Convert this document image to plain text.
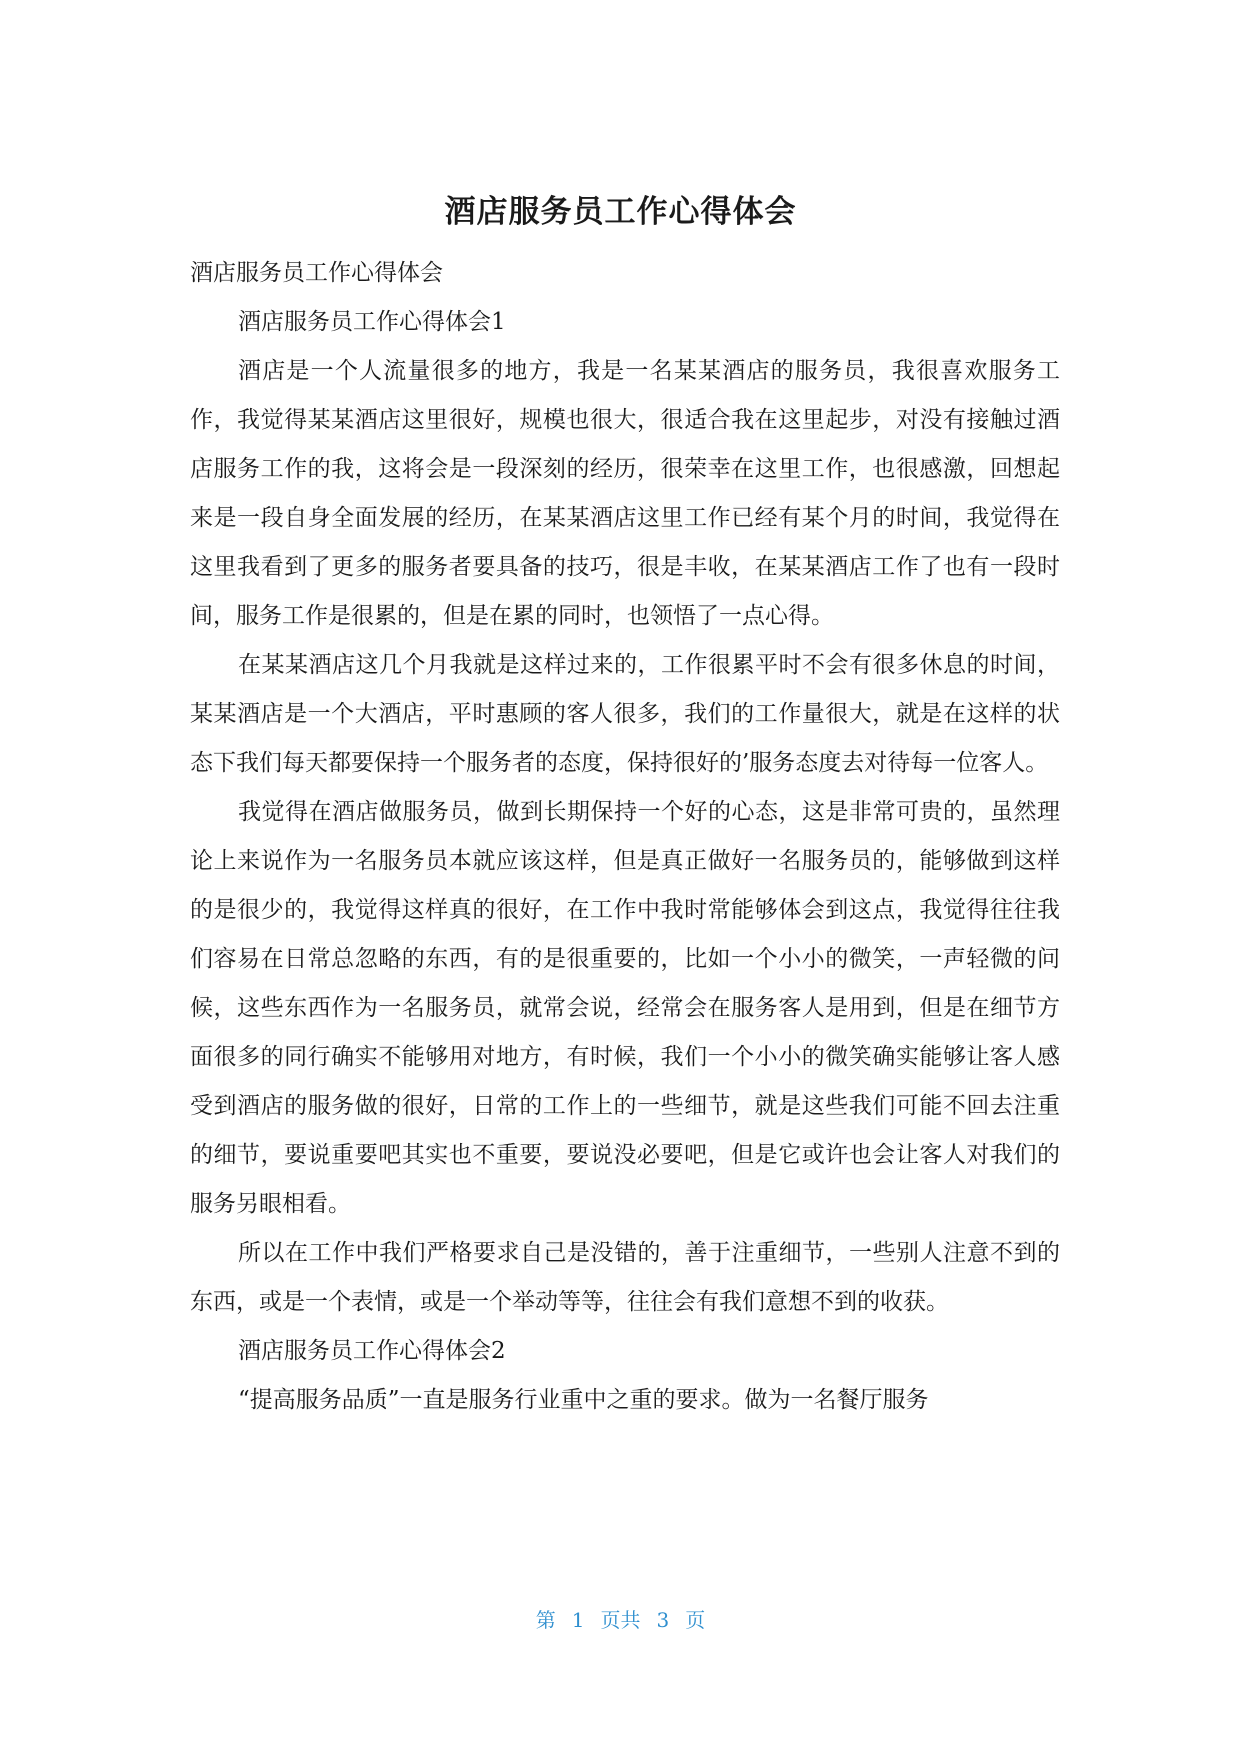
酒店服务员工作心得体会

酒店服务员工作心得体会

酒店服务员工作心得体会1

酒店是一个人流量很多的地方，我是一名某某酒店的服务员，我很喜欢服务工作，我觉得某某酒店这里很好，规模也很大，很适合我在这里起步，对没有接触过酒店服务工作的我，这将会是一段深刻的经历，很荣幸在这里工作，也很感激，回想起来是一段自身全面发展的经历，在某某酒店这里工作已经有某个月的时间，我觉得在这里我看到了更多的服务者要具备的技巧，很是丰收，在某某酒店工作了也有一段时间，服务工作是很累的，但是在累的同时，也领悟了一点心得。

在某某酒店这几个月我就是这样过来的，工作很累平时不会有很多休息的时间，某某酒店是一个大酒店，平时惠顾的客人很多，我们的工作量很大，就是在这样的状态下我们每天都要保持一个服务者的态度，保持很好的’服务态度去对待每一位客人。

我觉得在酒店做服务员，做到长期保持一个好的心态，这是非常可贵的，虽然理论上来说作为一名服务员本就应该这样，但是真正做好一名服务员的，能够做到这样的是很少的，我觉得这样真的很好，在工作中我时常能够体会到这点，我觉得往往我们容易在日常总忽略的东西，有的是很重要的，比如一个小小的微笑，一声轻微的问候，这些东西作为一名服务员，就常会说，经常会在服务客人是用到，但是在细节方面很多的同行确实不能够用对地方，有时候，我们一个小小的微笑确实能够让客人感受到酒店的服务做的很好，日常的工作上的一些细节，就是这些我们可能不回去注重的细节，要说重要吧其实也不重要，要说没必要吧，但是它或许也会让客人对我们的服务另眼相看。

所以在工作中我们严格要求自己是没错的，善于注重细节，一些别人注意不到的东西，或是一个表情，或是一个举动等等，往往会有我们意想不到的收获。

酒店服务员工作心得体会2

“提高服务品质”一直是服务行业重中之重的要求。做为一名餐厅服务

第 1 页共 3 页
